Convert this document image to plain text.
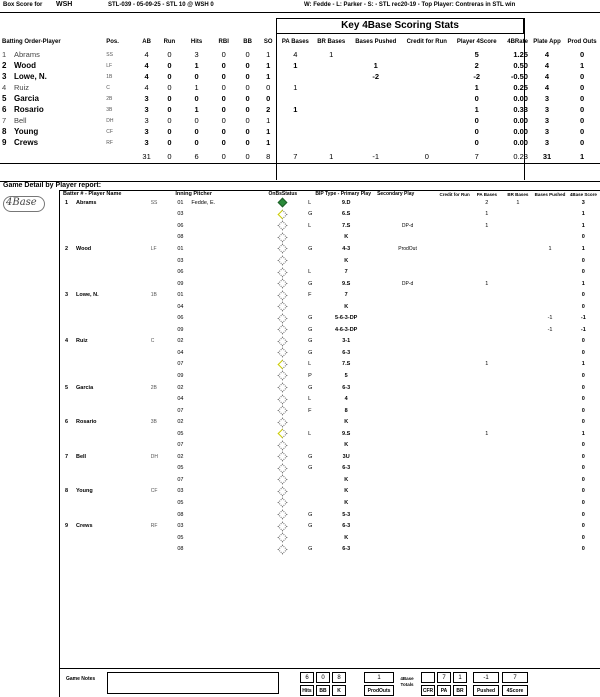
Box Score for WSH	STL-039 - 05-09-25 - STL 10 @ WSH 0	W: Fedde - L: Parker - S: - STL rec20-19 - Top Player: Contreras in STL win
Key 4Base Scoring Stats
Batting Order-Player	Pos.	AB	Run	Hits	RBI	BB	SO	PA Bases	BR Bases	Bases Pushed	Credit for Run	Player 4Score	4BRate	Plate App	Prod Outs
1 Abrams	SS	4	0	3	0	0	1	4	1			5	1.25	4	0
2 Wood	LF	4	0	1	0	0	1	1		1		2	0.50	4	1
3 Lowe, N.	1B	4	0	0	0	0	1			-2		-2	-0.50	4	0
4 Ruiz	C	4	0	1	0	0	0	1				1	0.25	4	0
5 Garcia	2B	3	0	0	0	0	0					0	0.00	3	0
6 Rosario	3B	3	0	1	0	0	2	1				1	0.33	3	0
7 Bell	DH	3	0	0	0	0	1					0	0.00	3	0
8 Young	CF	3	0	0	0	0	1					0	0.00	3	0
9 Crews	RF	3	0	0	0	0	1					0	0.00	3	0
		31	0	6	0	0	8	7	1	-1	0	7	0.23	31	1
Game Detail by Player report:
4Base
Batter # - Player Name		Inning Pitcher	OnBsStatus		BIP Type - Primary Play	Secondary Play	Credit for Run	PA Bases	BR Bases	Bases Pushed	4Base Score
1 Abrams	SS	01 Fedde, E.		L	9.D			2	1		3
		03		G	6.S			1			1
		06		L	7.S	DP-d		1			1
		08			K						0
2 Wood	LF	01		G	4-3	ProdOut				1	1
		03			K						0
		06		L	7						0
		09		G	9.S	DP-d		1			1
3 Lowe, N.	1B	01		F	7						0
		04			K						0
		06		G	5-6-3-DP					-1	-1
		09		G	4-6-3-DP					-1	-1
4 Ruiz	C	02		G	3-1						0
		04		G	6-3						0
		07		L	7.S			1			1
		09		P	5						0
5 Garcia	2B	02		G	6-3						0
		04		L	4						0
		07		F	8						0
6 Rosario	3B	02			K						0
		05		L	9.S			1			1
		07			K						0
7 Bell	DH	02		G	3U						0
		05		G	6-3						0
		07			K						0
8 Young	CF	03			K						0
		05			K						0
		08		G	5-3						0
9 Crews	RF	03		G	6-3						0
		05			K						0
		08		G	6-3						0
Game Notes	6	0	8
Hits	BB	K
1
ProdOuts
4Base Totals
7	1	-1	7
CFR	PA	BR	Pushed	4Score
